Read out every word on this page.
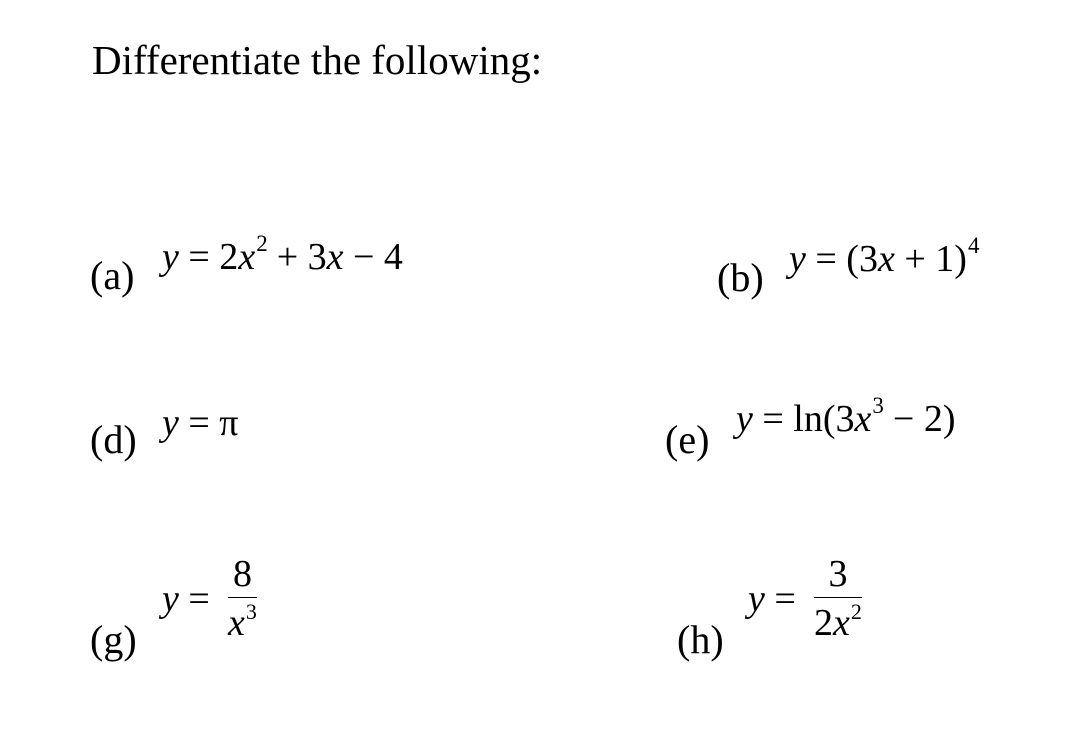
Differentiate the following:
(a) $y = 2x^2 + 3x - 4$	(b) $y = (3x + 1)^4$
(d) y = π	(e) $y = \ln(3x^3 - 2)$
(g)
y =
8
$x^3$
(h)
y =
3
$2x^2$
